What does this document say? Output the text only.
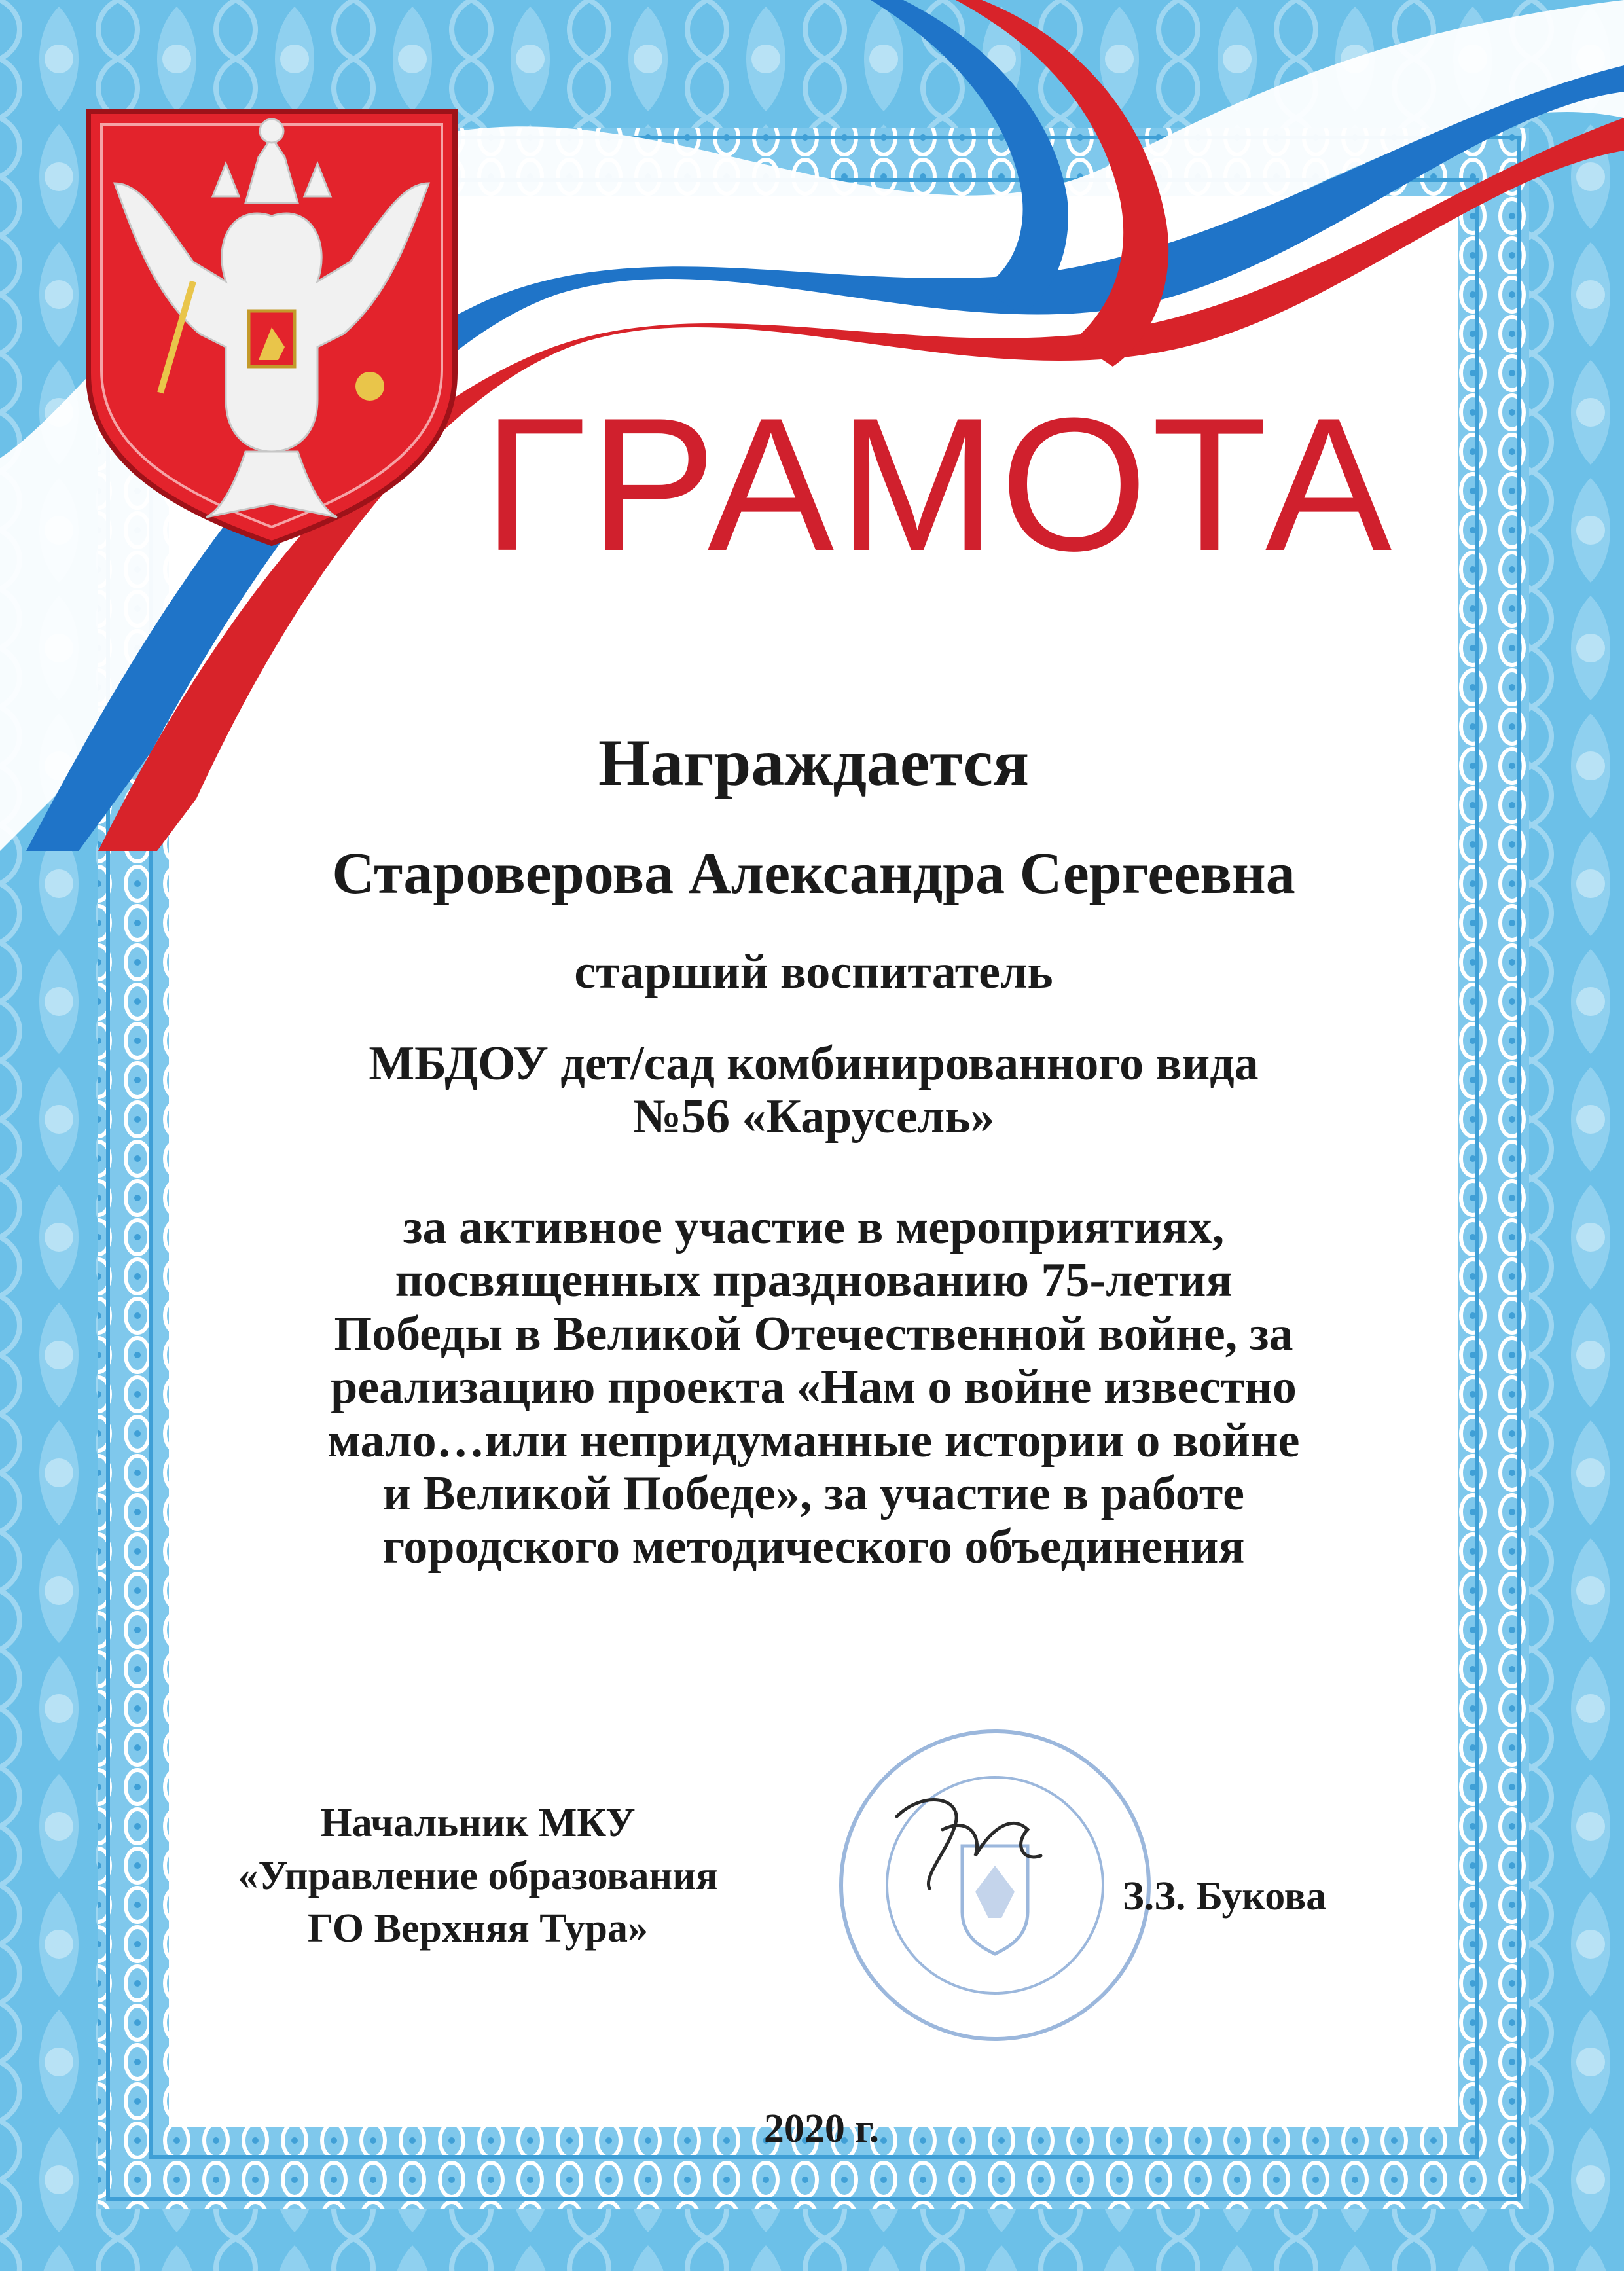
ГРАМОТА

Награждается

Староверова Александра Сергеевна

старший воспитатель

МБДОУ дет/сад комбинированного вида
№56 «Карусель»
за активное участие в мероприятиях,
посвященных празднованию 75-летия
Победы в Великой Отечественной войне, за
реализацию проекта «Нам о войне известно
мало…или непридуманные истории о войне
и Великой Победе», за участие в работе
городского методического объединения
Начальник МКУ
«Управление образования
ГО Верхняя Тура»

З.З. Букова

2020 г.
